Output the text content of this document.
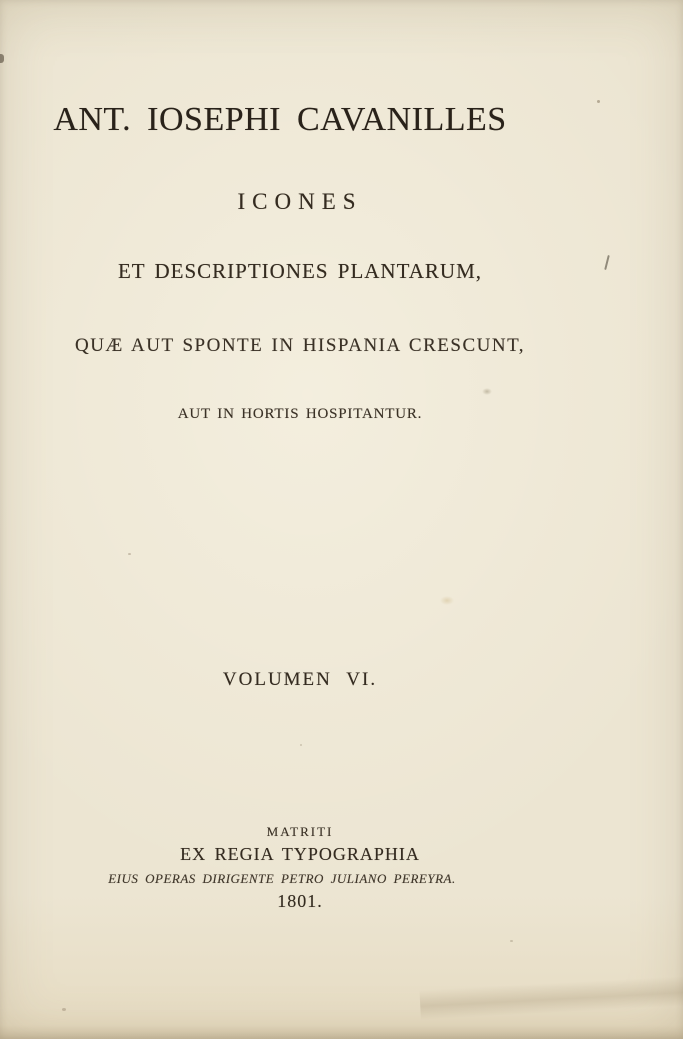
ANT. IOSEPHI CAVANILLES
ICONES
ET DESCRIPTIONES PLANTARUM,
QUÆ AUT SPONTE IN HISPANIA CRESCUNT,
AUT IN HORTIS HOSPITANTUR.
VOLUMEN VI.
MATRITI
EX REGIA TYPOGRAPHIA
EIUS OPERAS DIRIGENTE PETRO JULIANO PEREYRA.
1801.
